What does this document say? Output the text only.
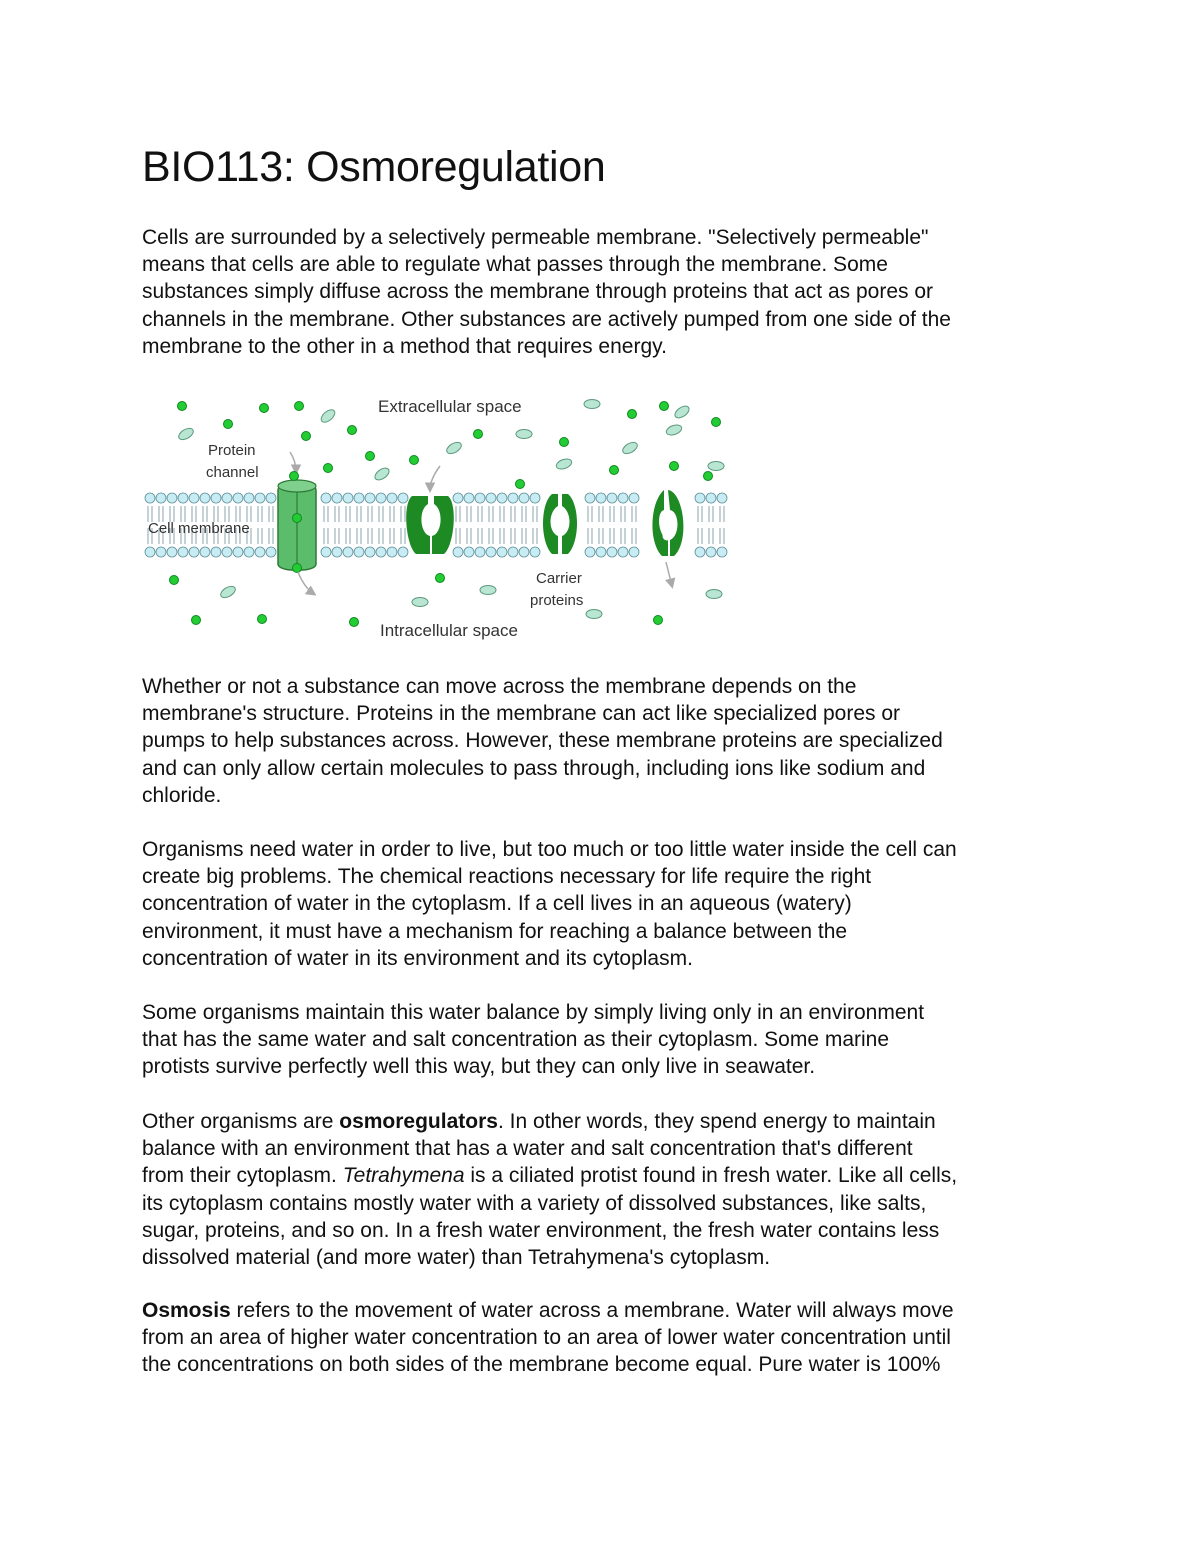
BIO113: Osmoregulation

Cells are surrounded by a selectively permeable membrane. "Selectively permeable"
means that cells are able to regulate what passes through the membrane. Some
substances simply diffuse across the membrane through proteins that act as pores or
channels in the membrane. Other substances are actively pumped from one side of the
membrane to the other in a method that requires energy.

Whether or not a substance can move across the membrane depends on the
membrane's structure. Proteins in the membrane can act like specialized pores or
pumps to help substances across. However, these membrane proteins are specialized
and can only allow certain molecules to pass through, including ions like sodium and
chloride.

Organisms need water in order to live, but too much or too little water inside the cell can
create big problems. The chemical reactions necessary for life require the right
concentration of water in the cytoplasm. If a cell lives in an aqueous (watery)
environment, it must have a mechanism for reaching a balance between the
concentration of water in its environment and its cytoplasm.

Some organisms maintain this water balance by simply living only in an environment
that has the same water and salt concentration as their cytoplasm. Some marine
protists survive perfectly well this way, but they can only live in seawater.

Other organisms are osmoregulators. In other words, they spend energy to maintain
balance with an environment that has a water and salt concentration that's different
from their cytoplasm. Tetrahymena is a ciliated protist found in fresh water. Like all cells,
its cytoplasm contains mostly water with a variety of dissolved substances, like salts,
sugar, proteins, and so on. In a fresh water environment, the fresh water contains less
dissolved material (and more water) than Tetrahymena's cytoplasm.

Osmosis refers to the movement of water across a membrane. Water will always move
from an area of higher water concentration to an area of lower water concentration until
the concentrations on both sides of the membrane become equal. Pure water is 100%

Extracellular space
Intracellular space
Protein
channel
Cell membrane
Carrier
proteins
